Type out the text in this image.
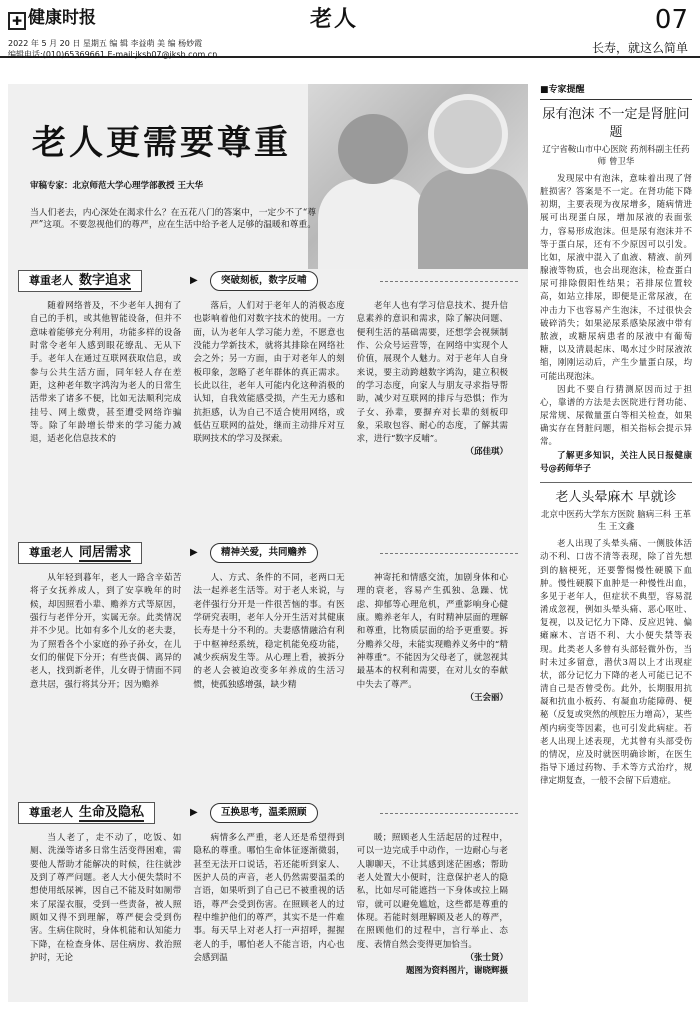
✚ 健康时报	老人	07
2022 年 5 月 20 日 星期五 编 辑 李益萌 美 编 杨妙霞
编辑电话:(010)65369661 E-mail:jksb07@jksb.com.cn	长寿，就这么简单
老人更需要尊重
审稿专家：北京师范大学心理学部教授 王大华
当人们老去，内心深处在渴求什么？在五花八门的答案中，一定少不了“尊严”这项。不要忽视他们的尊严，应在生活中给予老人足够的温暖和尊重。
尊重老人 数字追求	▶	突破刻板，数字反哺

随着网络普及，不少老年人拥有了自己的手机，或其他智能设备，但并不意味着能够充分利用，功能多样的设备时常令老年人感到眼花缭乱、无从下手。老年人在通过互联网获取信息，或参与公共生活方面，同年轻人存在差距，这种老年数字鸿沟为老人的日常生活带来了诸多不便，比如无法顺利完成挂号、网上缴费，甚至遭受网络诈骗等。除了年龄增长带来的学习能力减退，适老化信息技术的

落后，人们对于老年人的消极态度也影响着他们对数字技术的使用。一方面，认为老年人学习能力差，不愿意也没能力学新技术，就将其排除在网络社会之外；另一方面，由于对老年人的刻板印象，忽略了老年群体的真正需求。长此以往，老年人可能内化这种消极的认知，自我效能感受损，产生无力感和抗拒感，认为自己不适合使用网络，或低估互联网的益处，继而主动排斥对互联网技术的学习及探索。

老年人也有学习信息技术、提升信息素养的意识和需求，除了解决问题、便利生活的基础需要，还想学会视频制作、公众号运营等，在网络中实现个人价值，展现个人魅力。对于老年人自身来说，要主动跨越数字鸿沟，建立积极的学习态度，向家人与朋友寻求指导帮助，减少对互联网的排斥与恐惧；作为子女、孙辈，要摒弃对长辈的刻板印象，采取包容、耐心的态度，了解其需求，进行“数字反哺”。

（邱佳琪）
尊重老人 同居需求	▶	精神关爱，共同赡养

从年轻到暮年，老人一路含辛茹苦将子女抚养成人，到了安享晚年的时候，却因照看小辈、赡养方式等原因，强行与老伴分开，实属无奈。此类情况并不少见。比如有多个儿女的老夫妻，为了照看各个小家庭的孙子孙女，在儿女们的催促下分开；有些丧偶、离异的老人，找到新老伴，儿女碍于情面不同意共居，强行将其分开；因为赡养

人、方式、条件的不同，老两口无法一起养老生活等。对于老人来说，与老伴强行分开是一件很苦恼的事。有医学研究表明，老年人分开生活对其健康长寿是十分不利的。夫妻感情融洽有利于中枢神经系统，稳定机能免疫功能，减少疾病发生等。从心理上看，被拆分的老人会被迫改变多年养成的生活习惯，使孤独感增强，缺少精

神寄托和情感交流，加剧身体和心理的衰老，容易产生孤独、急躁、忧虑、抑郁等心理危机，严重影响身心健康。赡养老年人，有时精神层面的理解和尊重，比物质层面的给予更重要。拆分赡养父母，未能实现赡养义务中的“精神尊重”。不能因为父母老了，就忽视其最基本的权利和需要，在对儿女的奉献中失去了尊严。

（王会丽）
尊重老人 生命及隐私	▶	互换思考，温柔照顾

当人老了，走不动了，吃饭、如厕、洗澡等诸多日常生活变得困难，需要他人帮助才能解决的时候，往往就涉及到了尊严问题。老人大小便失禁时不想使用纸尿裤，因自己不能及时如厕带来了尿湿衣服，受到一些责备，被人照顾如又得不到理解，尊严便会受到伤害。生病住院时，身体机能和认知能力下降，在检查身体、居住病房、救治照护时，无论

病情多么严重，老人还是希望得到隐私的尊重。哪怕生命体征逐渐微弱，甚至无法开口说话，若还能听到家人、医护人员的声音，老人仍然需要温柔的言语，如果听到了自己已不被重视的话语，尊严会受到伤害。在照顾老人的过程中维护他们的尊严，其实不是一件难事。每天早上对老人打一声招呼，握握老人的手，哪怕老人不能言语，内心也会感到温

暖；照顾老人生活起居的过程中，可以一边完成手中动作，一边耐心与老人聊聊天，不让其感到迷茫困惑；帮助老人处置大小便时，注意保护老人的隐私，比如尽可能遮挡一下身体或拉上隔帘，就可以避免尴尬，这些都是尊重的体现。若能时刻理解顾及老人的尊严，在照顾他们的过程中，言行举止、态度、表情自然会变得更加恰当。

（张士贤）
题图为资料图片，谢晓辉摄
■专家提醒
尿有泡沫 不一定是肾脏问题
辽宁省鞍山市中心医院 药剂科副主任药师 曾卫华

发现尿中有泡沫，意味着出现了肾脏损害？答案是不一定。在肾功能下降初期，主要表现为夜尿增多，随病情进展可出现蛋白尿，增加尿液的表面张力，容易形成泡沫。但是尿有泡沫并不等于蛋白尿，还有不少原因可以引发。比如，尿液中混入了血液、精液、前列腺液等物质，也会出现泡沫，检查蛋白尿可排除假阳性结果；若排尿位置较高，如站立排尿，即便是正常尿液，在冲击力下也容易产生泡沫，不过很快会破碎消失；如果泌尿系感染尿液中带有脓液，或糖尿病患者的尿液中有葡萄糖，以及清晨起床、喝水过少时尿液浓缩，刚刚运动后，产生少量蛋白尿，均可能出现泡沫。

因此不要自行猜测原因而过于担心，靠谱的方法是去医院进行肾功能、尿常规、尿微量蛋白等相关检查，如果确实存在肾脏问题，相关指标会提示异常。

了解更多知识，关注人民日报健康号@药师华子

老人头晕麻木 早就诊
北京中医药大学东方医院 脑病三科 王革生 王文鑫

老人出现了头晕头痛、一侧肢体活动不利、口齿不清等表现，除了首先想到的脑梗死，还要警惕慢性硬膜下血肿。慢性硬膜下血肿是一种慢性出血，多见于老年人，但症状不典型，容易混淆成忽视，例如头晕头痛、恶心呕吐、复视，以及记忆力下降、反应迟钝、偏瘫麻木、言语不利、大小便失禁等表现。此类老人多曾有头部轻微外伤，当时未过多留意，潜伏3周以上才出现症状，部分记忆力下降的老人可能已记不清自己是否曾受伤。此外，长期服用抗凝和抗血小板药、有凝血功能障碍、便秘（反复或突然的颅腔压力增高），某些颅内病变等因素，也可引发此病症。若老人出现上述表现，尤其曾有头部受伤的情况，应及时就医明确诊断，在医生指导下通过药物、手术等方式治疗，规律定期复查，一般不会留下后遗症。
